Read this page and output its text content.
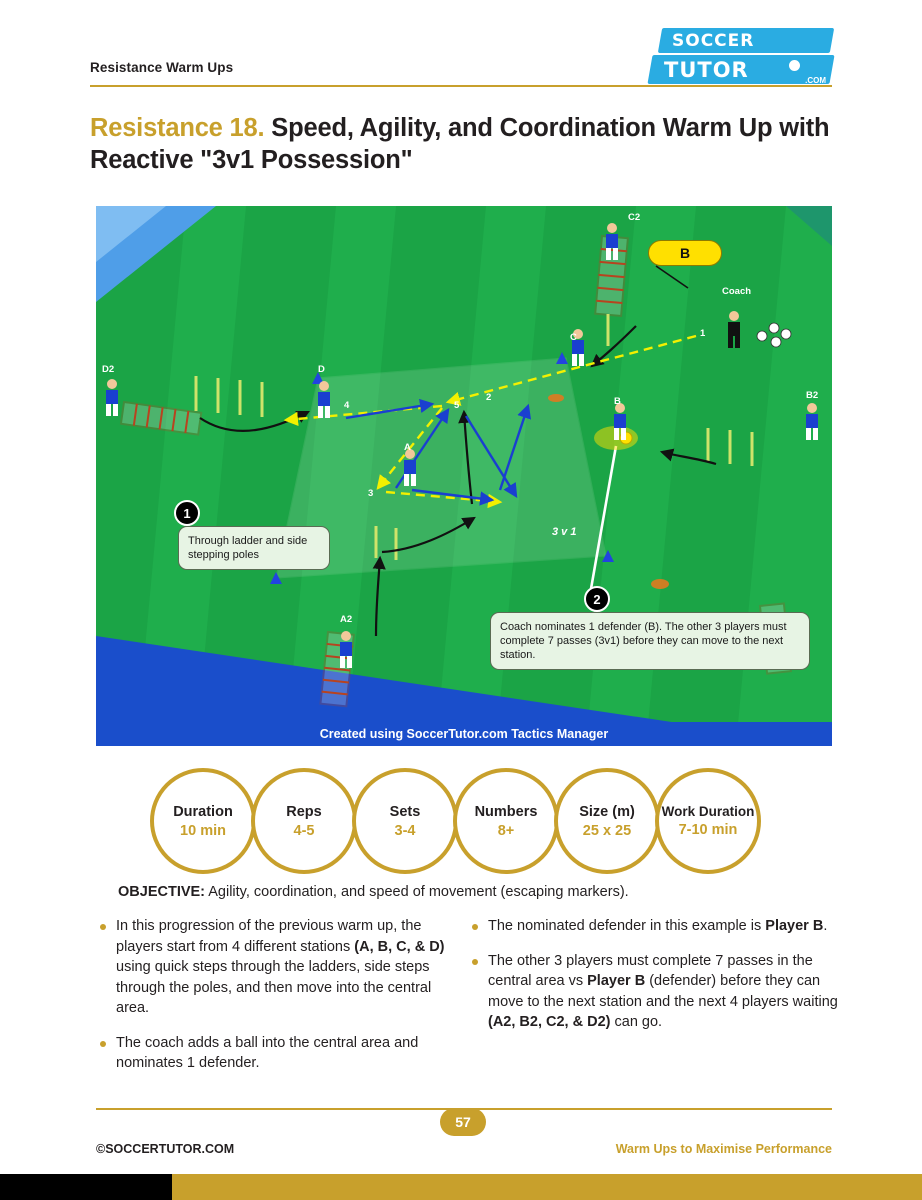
Resistance Warm Ups
SOCCER
TUTOR	.COM
Resistance 18. Speed, Agility, and Coordination Warm Up with Reactive "3v1 Possession"
C2
C
D2	D
A
A2
B
B2
1
2
3
4	5
Coach
3 v 1
B
1
Through ladder and side stepping poles
2
Coach nominates 1 defender (B). The other 3 players must complete 7 passes (3v1) before they can move to the next station.
Created using SoccerTutor.com Tactics Manager
Duration
10 min
Reps
4-5
Sets
3-4
Numbers
8+
Size (m)
25 x 25
Work Duration
7-10 min
OBJECTIVE: Agility, coordination, and speed of movement (escaping markers).
In this progression of the previous warm up, the players start from 4 different stations (A, B, C, & D) using quick steps through the ladders, side steps through the poles, and then move into the central area.
The coach adds a ball into the central area and nominates 1 defender.
The nominated defender in this example is Player B.
The other 3 players must complete 7 passes in the central area vs Player B (defender) before they can move to the next station and the next 4 players waiting (A2, B2, C2, & D2) can go.
57
©SOCCERTUTOR.COM	Warm Ups to Maximise Performance
